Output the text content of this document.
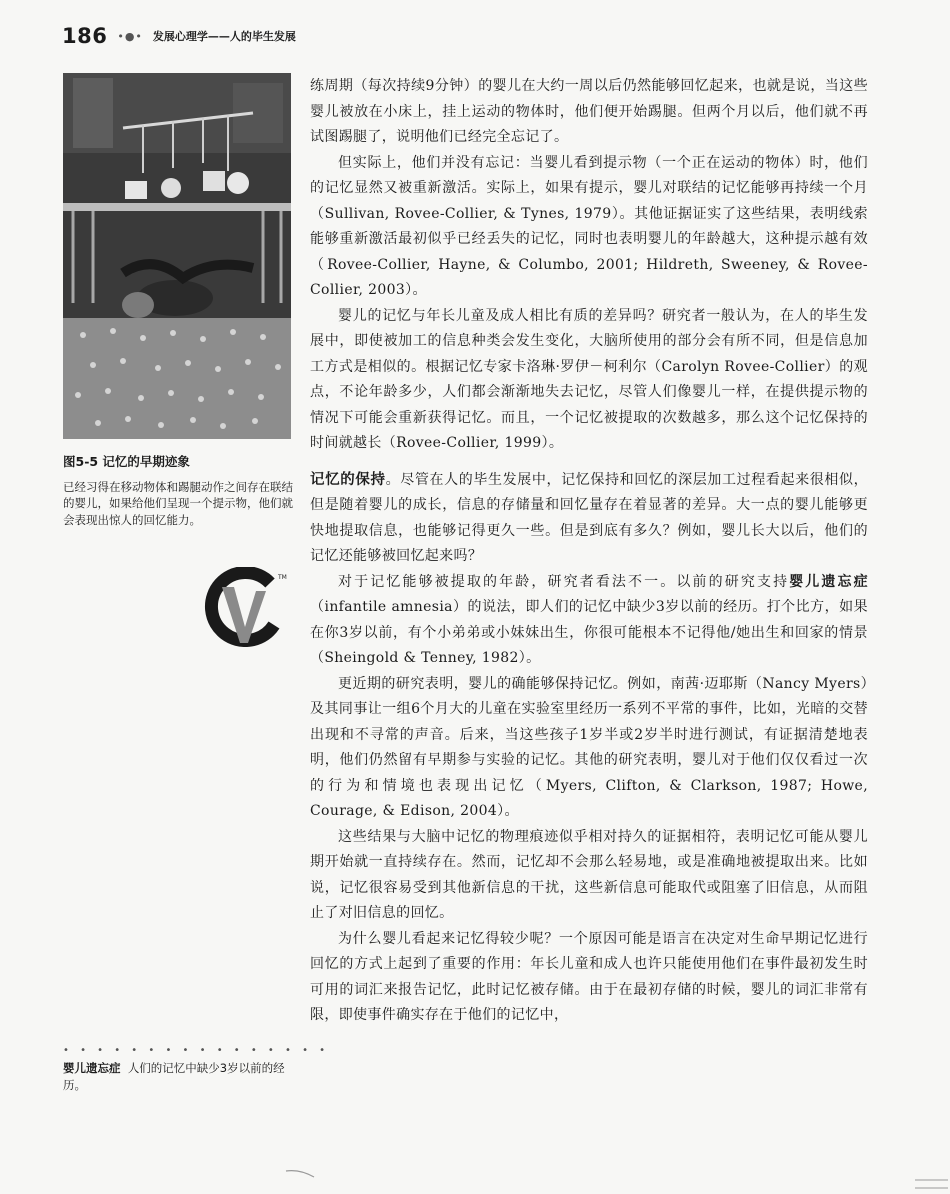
186 •●• 发展心理学——人的毕生发展
图5-5 记忆的早期迹象
已经习得在移动物体和踢腿动作之间存在联结的婴儿，如果给他们呈现一个提示物，他们就会表现出惊人的回忆能力。
TM
• • • • • • • • • • • • • • • •
婴儿遗忘症 人们的记忆中缺少3岁以前的经历。

练周期（每次持续9分钟）的婴儿在大约一周以后仍然能够回忆起来，也就是说，当这些婴儿被放在小床上，挂上运动的物体时，他们便开始踢腿。但两个月以后，他们就不再试图踢腿了，说明他们已经完全忘记了。

但实际上，他们并没有忘记：当婴儿看到提示物（一个正在运动的物体）时，他们的记忆显然又被重新激活。实际上，如果有提示，婴儿对联结的记忆能够再持续一个月（Sullivan, Rovee-Collier, & Tynes, 1979）。其他证据证实了这些结果，表明线索能够重新激活最初似乎已经丢失的记忆，同时也表明婴儿的年龄越大，这种提示越有效（Rovee-Collier, Hayne, & Columbo, 2001; Hildreth, Sweeney, & Rovee-Collier, 2003）。

婴儿的记忆与年长儿童及成人相比有质的差异吗？研究者一般认为，在人的毕生发展中，即使被加工的信息种类会发生变化，大脑所使用的部分会有所不同，但是信息加工方式是相似的。根据记忆专家卡洛琳·罗伊－柯利尔（Carolyn Rovee-Collier）的观点，不论年龄多少，人们都会渐渐地失去记忆，尽管人们像婴儿一样，在提供提示物的情况下可能会重新获得记忆。而且，一个记忆被提取的次数越多，那么这个记忆保持的时间就越长（Rovee-Collier, 1999）。

记忆的保持。尽管在人的毕生发展中，记忆保持和回忆的深层加工过程看起来很相似，但是随着婴儿的成长，信息的存储量和回忆量存在着显著的差异。大一点的婴儿能够更快地提取信息，也能够记得更久一些。但是到底有多久？例如，婴儿长大以后，他们的记忆还能够被回忆起来吗？

对于记忆能够被提取的年龄，研究者看法不一。以前的研究支持婴儿遗忘症（infantile amnesia）的说法，即人们的记忆中缺少3岁以前的经历。打个比方，如果在你3岁以前，有个小弟弟或小妹妹出生，你很可能根本不记得他/她出生和回家的情景（Sheingold & Tenney, 1982）。

更近期的研究表明，婴儿的确能够保持记忆。例如，南茜·迈耶斯（Nancy Myers）及其同事让一组6个月大的儿童在实验室里经历一系列不平常的事件，比如，光暗的交替出现和不寻常的声音。后来，当这些孩子1岁半或2岁半时进行测试，有证据清楚地表明，他们仍然留有早期参与实验的记忆。其他的研究表明，婴儿对于他们仅仅看过一次的行为和情境也表现出记忆（Myers, Clifton, & Clarkson, 1987; Howe, Courage, & Edison, 2004）。

这些结果与大脑中记忆的物理痕迹似乎相对持久的证据相符，表明记忆可能从婴儿期开始就一直持续存在。然而，记忆却不会那么轻易地，或是准确地被提取出来。比如说，记忆很容易受到其他新信息的干扰，这些新信息可能取代或阻塞了旧信息，从而阻止了对旧信息的回忆。

为什么婴儿看起来记忆得较少呢？一个原因可能是语言在决定对生命早期记忆进行回忆的方式上起到了重要的作用：年长儿童和成人也许只能使用他们在事件最初发生时可用的词汇来报告记忆，此时记忆被存储。由于在最初存储的时候，婴儿的词汇非常有限，即使事件确实存在于他们的记忆中，
